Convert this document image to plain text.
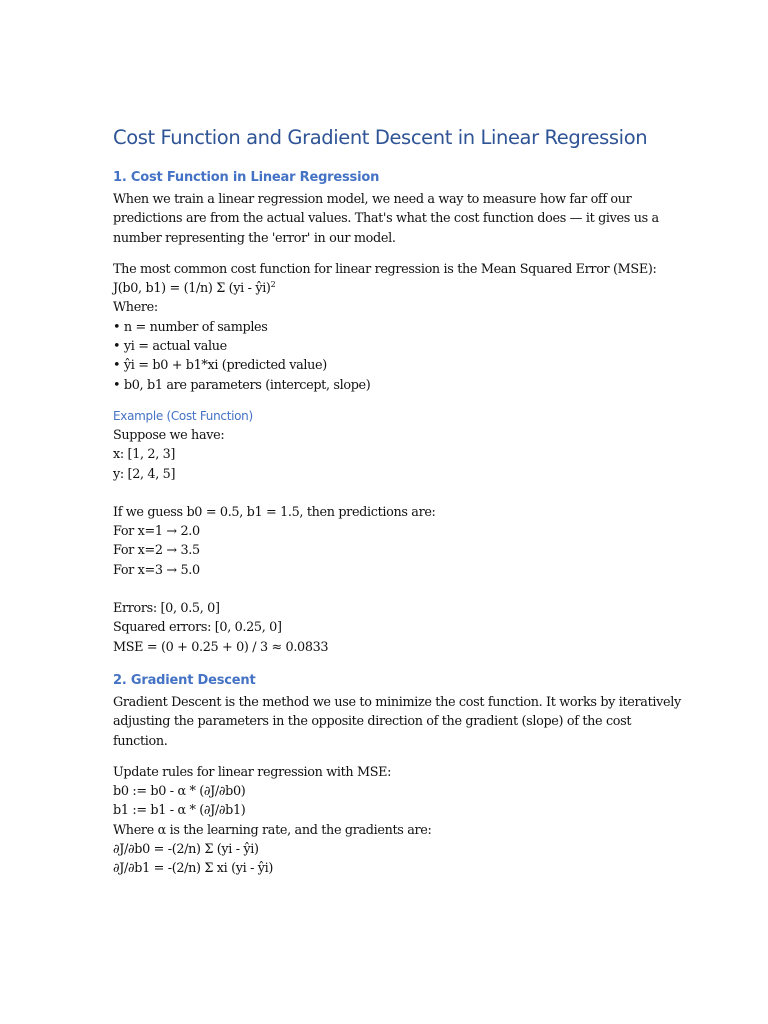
Cost Function and Gradient Descent in Linear Regression
1. Cost Function in Linear Regression
When we train a linear regression model, we need a way to measure how far off our
predictions are from the actual values. That's what the cost function does — it gives us a
number representing the 'error' in our model.
The most common cost function for linear regression is the Mean Squared Error (MSE):
J(b0, b1) = (1/n) Σ (yi - ŷi)$^2$
Where:
• n = number of samples
• yi = actual value
• ŷi = b0 + b1*xi (predicted value)
• b0, b1 are parameters (intercept, slope)
Example (Cost Function)
Suppose we have:
x: [1, 2, 3]
y: [2, 4, 5]
If we guess b0 = 0.5, b1 = 1.5, then predictions are:
For x=1 → 2.0
For x=2 → 3.5
For x=3 → 5.0
Errors: [0, 0.5, 0]
Squared errors: [0, 0.25, 0]
MSE = (0 + 0.25 + 0) / 3 ≈ 0.0833
2. Gradient Descent
Gradient Descent is the method we use to minimize the cost function. It works by iteratively
adjusting the parameters in the opposite direction of the gradient (slope) of the cost
function.
Update rules for linear regression with MSE:
b0 := b0 - α * (∂J/∂b0)
b1 := b1 - α * (∂J/∂b1)
Where α is the learning rate, and the gradients are:
∂J/∂b0 = -(2/n) Σ (yi - ŷi)
∂J/∂b1 = -(2/n) Σ xi (yi - ŷi)
